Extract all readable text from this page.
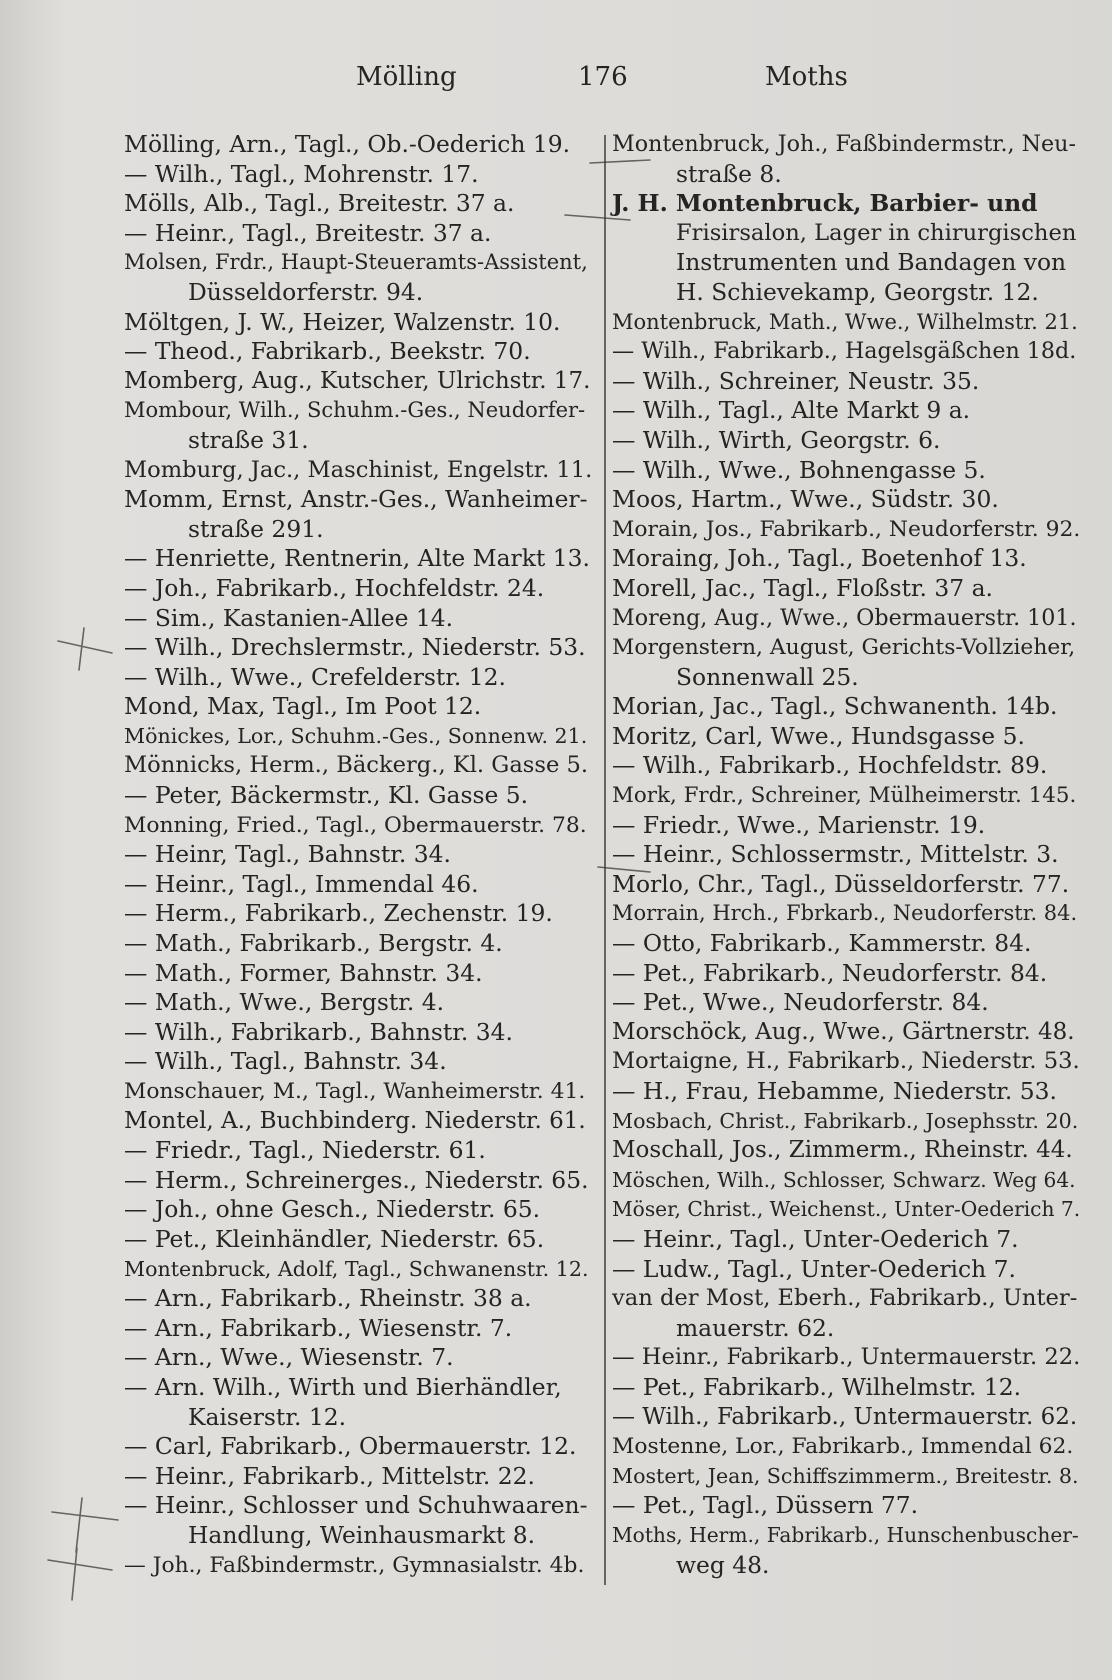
Mölling	176	Moths
Mölling, Arn., Tagl., Ob.-Oederich 19.
— Wilh., Tagl., Mohrenstr. 17.
Mölls, Alb., Tagl., Breitestr. 37 a.
— Heinr., Tagl., Breitestr. 37 a.
Molsen, Frdr., Haupt-Steueramts-Assistent,
Düsseldorferstr. 94.
Möltgen, J. W., Heizer, Walzenstr. 10.
— Theod., Fabrikarb., Beekstr. 70.
Momberg, Aug., Kutscher, Ulrichstr. 17.
Mombour, Wilh., Schuhm.-Ges., Neudorfer-
straße 31.
Momburg, Jac., Maschinist, Engelstr. 11.
Momm, Ernst, Anstr.-Ges., Wanheimer-
straße 291.
— Henriette, Rentnerin, Alte Markt 13.
— Joh., Fabrikarb., Hochfeldstr. 24.
— Sim., Kastanien-Allee 14.
— Wilh., Drechslermstr., Niederstr. 53.
— Wilh., Wwe., Crefelderstr. 12.
Mond, Max, Tagl., Im Poot 12.
Mönickes, Lor., Schuhm.-Ges., Sonnenw. 21.
Mönnicks, Herm., Bäckerg., Kl. Gasse 5.
— Peter, Bäckermstr., Kl. Gasse 5.
Monning, Fried., Tagl., Obermauerstr. 78.
— Heinr, Tagl., Bahnstr. 34.
— Heinr., Tagl., Immendal 46.
— Herm., Fabrikarb., Zechenstr. 19.
— Math., Fabrikarb., Bergstr. 4.
— Math., Former, Bahnstr. 34.
— Math., Wwe., Bergstr. 4.
— Wilh., Fabrikarb., Bahnstr. 34.
— Wilh., Tagl., Bahnstr. 34.
Monschauer, M., Tagl., Wanheimerstr. 41.
Montel, A., Buchbinderg. Niederstr. 61.
— Friedr., Tagl., Niederstr. 61.
— Herm., Schreinerges., Niederstr. 65.
— Joh., ohne Gesch., Niederstr. 65.
— Pet., Kleinhändler, Niederstr. 65.
Montenbruck, Adolf, Tagl., Schwanenstr. 12.
— Arn., Fabrikarb., Rheinstr. 38 a.
— Arn., Fabrikarb., Wiesenstr. 7.
— Arn., Wwe., Wiesenstr. 7.
— Arn. Wilh., Wirth und Bierhändler,
Kaiserstr. 12.
— Carl, Fabrikarb., Obermauerstr. 12.
— Heinr., Fabrikarb., Mittelstr. 22.
— Heinr., Schlosser und Schuhwaaren-
Handlung, Weinhausmarkt 8.
— Joh., Faßbindermstr., Gymnasialstr. 4b.
Montenbruck, Joh., Faßbindermstr., Neu-
straße 8.
J. H. Montenbruck, Barbier- und
Frisirsalon, Lager in chirurgischen
Instrumenten und Bandagen von
H. Schievekamp, Georgstr. 12.
Montenbruck, Math., Wwe., Wilhelmstr. 21.
— Wilh., Fabrikarb., Hagelsgäßchen 18d.
— Wilh., Schreiner, Neustr. 35.
— Wilh., Tagl., Alte Markt 9 a.
— Wilh., Wirth, Georgstr. 6.
— Wilh., Wwe., Bohnengasse 5.
Moos, Hartm., Wwe., Südstr. 30.
Morain, Jos., Fabrikarb., Neudorferstr. 92.
Moraing, Joh., Tagl., Boetenhof 13.
Morell, Jac., Tagl., Floßstr. 37 a.
Moreng, Aug., Wwe., Obermauerstr. 101.
Morgenstern, August, Gerichts-Vollzieher,
Sonnenwall 25.
Morian, Jac., Tagl., Schwanenth. 14b.
Moritz, Carl, Wwe., Hundsgasse 5.
— Wilh., Fabrikarb., Hochfeldstr. 89.
Mork, Frdr., Schreiner, Mülheimerstr. 145.
— Friedr., Wwe., Marienstr. 19.
— Heinr., Schlossermstr., Mittelstr. 3.
Morlo, Chr., Tagl., Düsseldorferstr. 77.
Morrain, Hrch., Fbrkarb., Neudorferstr. 84.
— Otto, Fabrikarb., Kammerstr. 84.
— Pet., Fabrikarb., Neudorferstr. 84.
— Pet., Wwe., Neudorferstr. 84.
Morschöck, Aug., Wwe., Gärtnerstr. 48.
Mortaigne, H., Fabrikarb., Niederstr. 53.
— H., Frau, Hebamme, Niederstr. 53.
Mosbach, Christ., Fabrikarb., Josephsstr. 20.
Moschall, Jos., Zimmerm., Rheinstr. 44.
Möschen, Wilh., Schlosser, Schwarz. Weg 64.
Möser, Christ., Weichenst., Unter-Oederich 7.
— Heinr., Tagl., Unter-Oederich 7.
— Ludw., Tagl., Unter-Oederich 7.
van der Most, Eberh., Fabrikarb., Unter-
mauerstr. 62.
— Heinr., Fabrikarb., Untermauerstr. 22.
— Pet., Fabrikarb., Wilhelmstr. 12.
— Wilh., Fabrikarb., Untermauerstr. 62.
Mostenne, Lor., Fabrikarb., Immendal 62.
Mostert, Jean, Schiffszimmerm., Breitestr. 8.
— Pet., Tagl., Düssern 77.
Moths, Herm., Fabrikarb., Hunschenbuscher-
weg 48.
